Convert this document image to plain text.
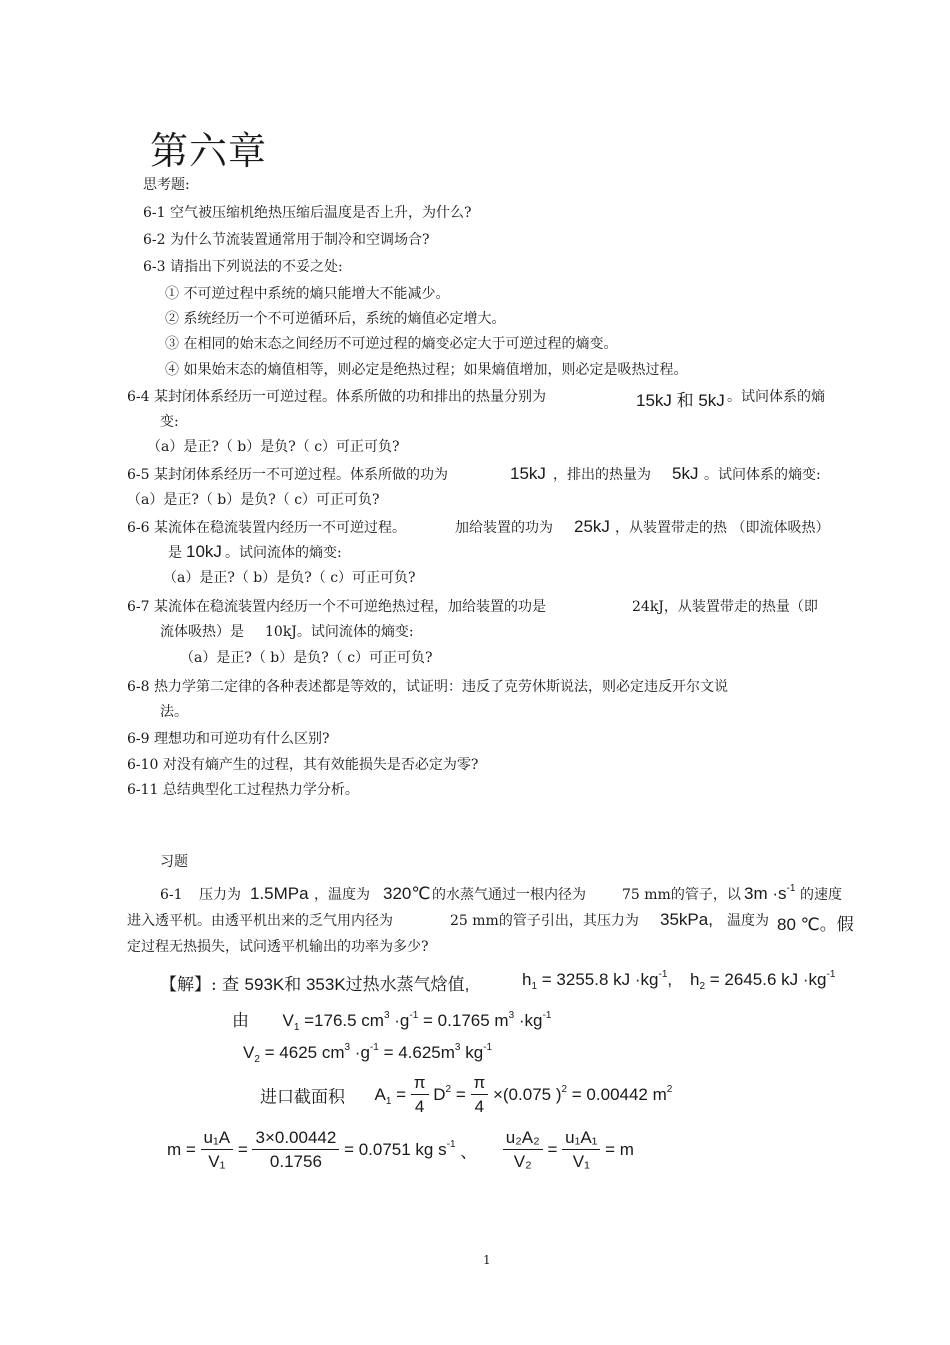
第六章
思考题:
6-1 空气被压缩机绝热压缩后温度是否上升，为什么?
6-2 为什么节流装置通常用于制冷和空调场合?
6-3 请指出下列说法的不妥之处:
① 不可逆过程中系统的熵只能增大不能减少。
② 系统经历一个不可逆循环后，系统的熵值必定增大。
③ 在相同的始末态之间经历不可逆过程的熵变必定大于可逆过程的熵变。
④ 如果始末态的熵值相等，则必定是绝热过程；如果熵值增加，则必定是吸热过程。
6-4 某封闭体系经历一可逆过程。体系所做的功和排出的热量分别为	15kJ 和 5kJ 。试问体系的熵
变:
（a）是正?（ b）是负?（ c）可正可负?
6-5 某封闭体系经历一不可逆过程。体系所做的功为	15kJ ，排出的热量为 5kJ 。试问体系的熵变:
（a）是正?（ b）是负?（ c）可正可负?
6-6 某流体在稳流装置内经历一不可逆过程。	加给装置的功为 25kJ ，从装置带走的热 （即流体吸热）
是 10kJ 。试问流体的熵变:
（a）是正?（ b）是负?（ c）可正可负?
6-7 某流体在稳流装置内经历一个不可逆绝热过程，加给装置的功是	24kJ，从装置带走的热量（即
流体吸热）是 10kJ。试问流体的熵变:
（a）是正?（ b）是负?（ c）可正可负?
6-8 热力学第二定律的各种表述都是等效的，试证明：违反了克劳休斯说法，则必定违反开尔文说
法。
6-9 理想功和可逆功有什么区别?
6-10 对没有熵产生的过程，其有效能损失是否必定为零?
6-11 总结典型化工过程热力学分析。
习题
6-1 压力为 1.5MPa ，温度为 320℃ 的水蒸气通过一根内径为	75 mm的管子，以 $3m \cdot s^{-1}$ 的速度
进入透平机。由透平机出来的乏气用内径为	25 mm的管子引出，其压力为 35kPa, 温度为 80 ℃。假
定过程无热损失，试问透平机输出的功率为多少?
【解】: 查 593K和 353K过热水蒸气焓值,	$h_1 = 3255.8$ kJ $\cdot kg^{-1}$, $h_2 = 2645.6$ kJ $\cdot kg^{-1}$
由 $V_1 =176.5$ $cm^3 \cdot g^{-1} = 0.1765$ $m^3 \cdot kg^{-1}$
$V_2 = 4625$ $cm^3 \cdot g^{-1} = 4.625m^3$ $kg^{-1}$
进口截面积 $A_1 = \frac{\pi}{4} D^2 = \frac{\pi}{4} \times(0.075$ )$^2$ = 0.00442 $m^2$
$m = \frac{\text{u₁A}}{\text{V₁}} = \frac{3\times 0.00442}{0.1756} = 0.0751$ kg $s^{-1}$ 、 $\frac{\text{u₂A₂}}{\text{V₂}} = \frac{\text{u₁A₁}}{\text{V₁}} = m$
1
